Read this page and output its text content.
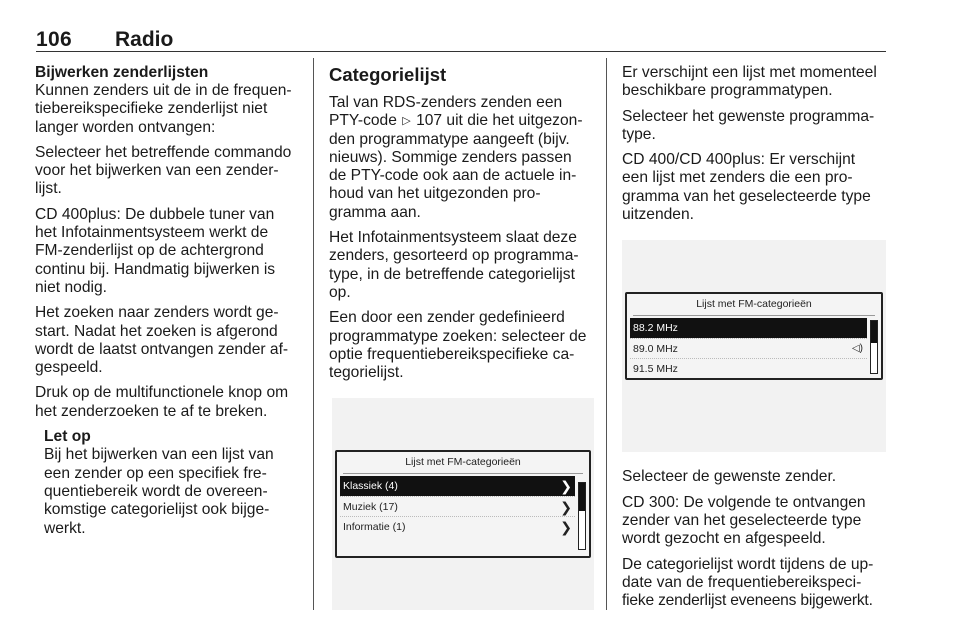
106 Radio
Bijwerken zenderlijsten

Kunnen zenders uit de in de frequen-
tiebereikspecifieke zenderlijst niet
langer worden ontvangen:

Selecteer het betreffende commando
voor het bijwerken van een zender-
lijst.

CD 400plus: De dubbele tuner van
het Infotainmentsysteem werkt de
FM-zenderlijst op de achtergrond
continu bij. Handmatig bijwerken is
niet nodig.

Het zoeken naar zenders wordt ge-
start. Nadat het zoeken is afgerond
wordt de laatst ontvangen zender af-
gespeeld.

Druk op de multifunctionele knop om
het zenderzoeken te af te breken.

Let op
Bij het bijwerken van een lijst van
een zender op een specifiek fre-
quentiebereik wordt de overeen-
komstige categorielijst ook bijge-
werkt.
Categorielijst

Tal van RDS-zenders zenden een
PTY-code ▷ 107 uit die het uitgezon-
den programmatype aangeeft (bijv.
nieuws). Sommige zenders passen
de PTY-code ook aan de actuele in-
houd van het uitgezonden pro-
gramma aan.

Het Infotainmentsysteem slaat deze
zenders, gesorteerd op programma-
type, in de betreffende categorielijst
op.

Een door een zender gedefinieerd
programmatype zoeken: selecteer de
optie frequentiebereikspecifieke ca-
tegorielijst.

Lijst met FM-categorieën
Klassiek (4)	❯
Muziek (17)	❯
Informatie (1)	❯

Er verschijnt een lijst met momenteel
beschikbare programmatypen.

Selecteer het gewenste programma-
type.

CD 400/CD 400plus: Er verschijnt
een lijst met zenders die een pro-
gramma van het geselecteerde type
uitzenden.

Lijst met FM-categorieën
88.2 MHz
89.0 MHz	◁)
91.5 MHz

Selecteer de gewenste zender.

CD 300: De volgende te ontvangen
zender van het geselecteerde type
wordt gezocht en afgespeeld.

De categorielijst wordt tijdens de up-
date van de frequentiebereikspeci-
fieke zenderlijst eveneens bijgewerkt.
